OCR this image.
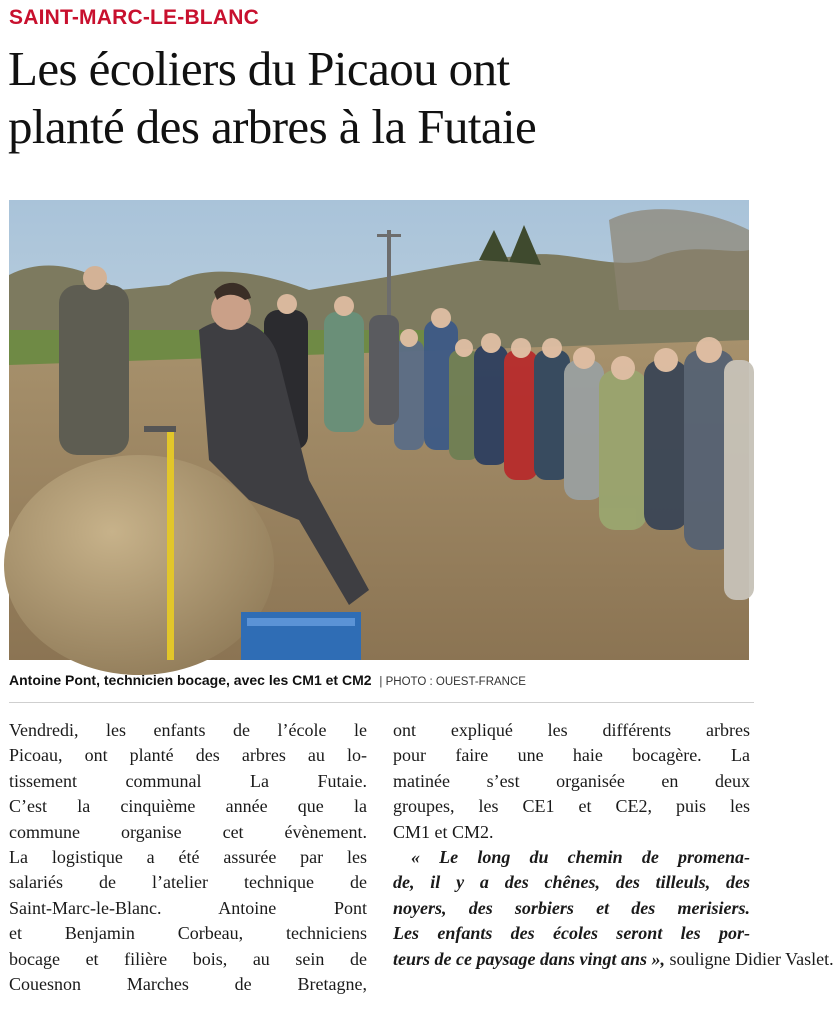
SAINT-MARC-LE-BLANC
Les écoliers du Picaou ont
planté des arbres à la Futaie
Antoine Pont, technicien bocage, avec les CM1 et CM2 | PHOTO : OUEST-FRANCE
Vendredi, les enfants de l’école le
Picoau, ont planté des arbres au lo-
tissement communal La Futaie.
C’est la cinquième année que la
commune organise cet évènement.
La logistique a été assurée par les
salariés de l’atelier technique de
Saint-Marc-le-Blanc. Antoine Pont
et Benjamin Corbeau, techniciens
bocage et filière bois, au sein de
Couesnon Marches de Bretagne,
ont expliqué les différents arbres
pour faire une haie bocagère. La
matinée s’est organisée en deux
groupes, les CE1 et CE2, puis les
CM1 et CM2.
« Le long du chemin de promena-
de, il y a des chênes, des tilleuls, des
noyers, des sorbiers et des merisiers.
Les enfants des écoles seront les por-
teurs de ce paysage dans vingt ans », souligne Didier Vaslet.
